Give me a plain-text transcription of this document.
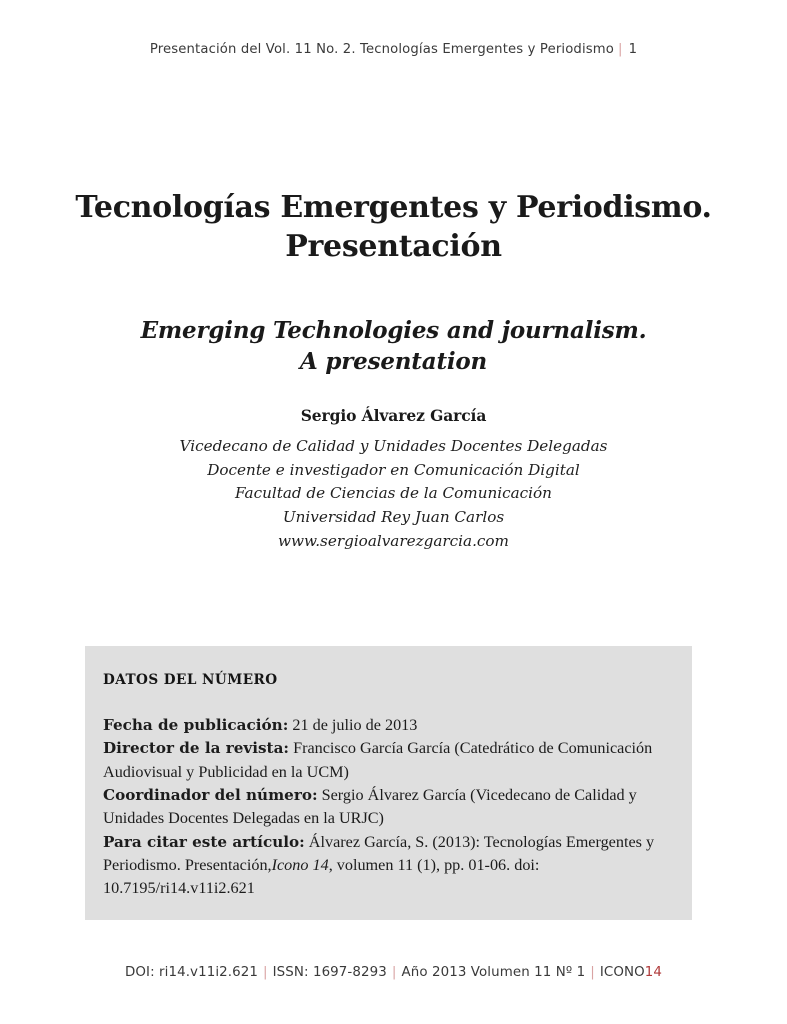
Presentación del Vol. 11 No. 2. Tecnologías Emergentes y Periodismo | 1
Tecnologías Emergentes y Periodismo.
Presentación
Emerging Technologies and journalism.
A presentation
Sergio Álvarez García
Vicedecano de Calidad y Unidades Docentes Delegadas
Docente e investigador en Comunicación Digital
Facultad de Ciencias de la Comunicación
Universidad Rey Juan Carlos
www.sergioalvarezgarcia.com
DATOS DEL NÚMERO
Fecha de publicación: 21 de julio de 2013
Director de la revista: Francisco García García (Catedrático de Comunicación Audiovisual y Publicidad en la UCM)
Coordinador del número: Sergio Álvarez García (Vicedecano de Calidad y Unidades Docentes Delegadas en la URJC)
Para citar este artículo: Álvarez García, S. (2013): Tecnologías Emergentes y Periodismo. Presentación,Icono 14, volumen 11 (1), pp. 01-06. doi: 10.7195/ri14.v11i2.621
DOI: ri14.v11i2.621 | ISSN: 1697-8293 | Año 2013 Volumen 11 Nº 1 | ICONO14
